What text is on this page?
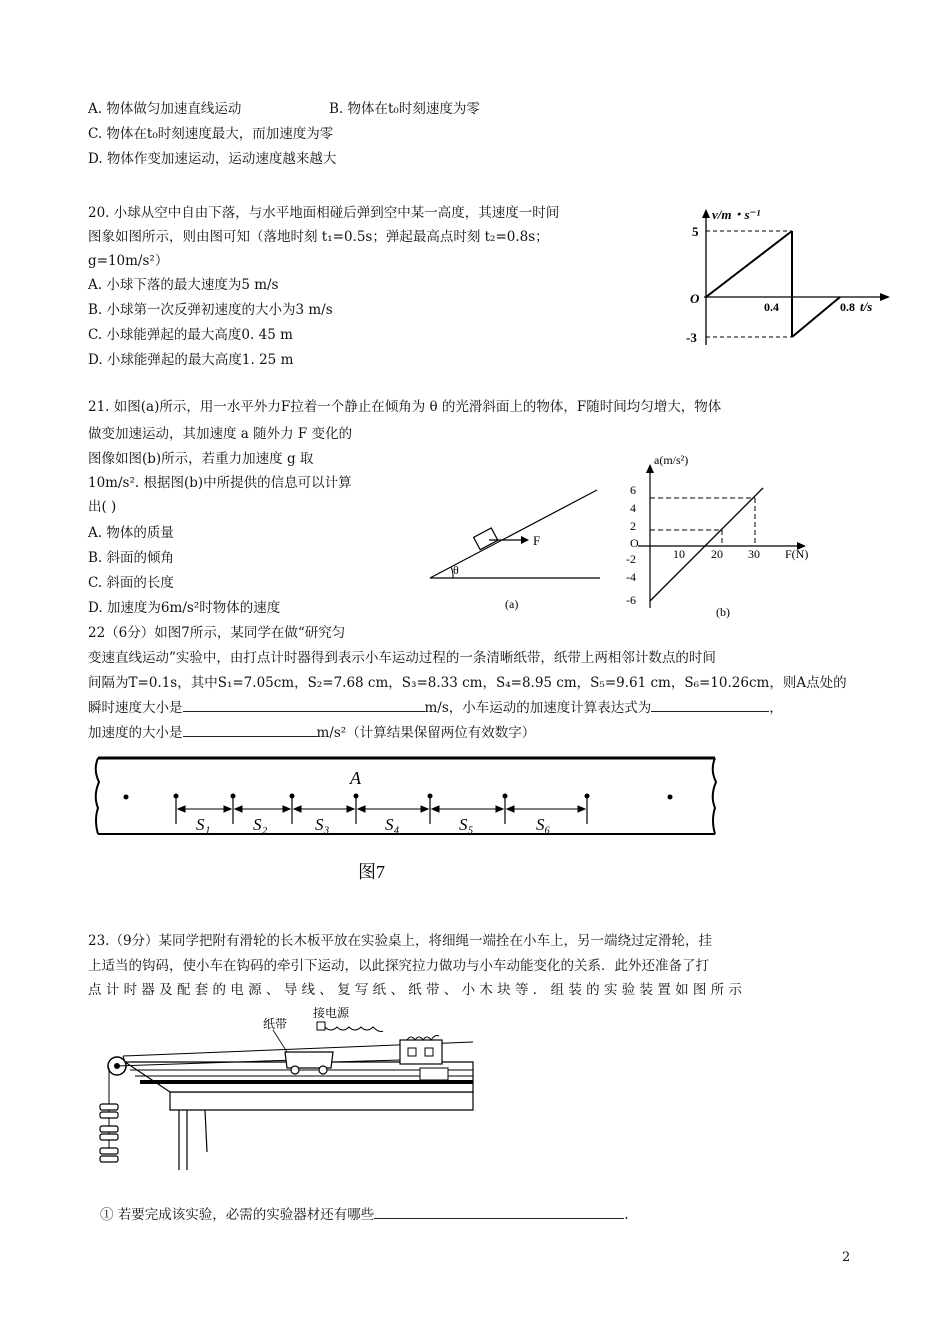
A. 物体做匀加速直线运动	B. 物体在t₀时刻速度为零
C. 物体在t₀时刻速度最大，而加速度为零
D. 物体作变加速运动，运动速度越来越大
20. 小球从空中自由下落，与水平地面相碰后弹到空中某一高度，其速度一时间
图象如图所示，则由图可知（落地时刻 t₁=0.5s；弹起最高点时刻 t₂=0.8s；
g=10m/s²）
A. 小球下落的最大速度为5 m/s
B. 小球第一次反弹初速度的大小为3 m/s
C. 小球能弹起的最大高度0. 45 m
D. 小球能弹起的最大高度1. 25 m
v/m・s⁻¹
5
-3
O
0.4	0.8 t/s
21. 如图(a)所示，用一水平外力F拉着一个静止在倾角为 θ 的光滑斜面上的物体，F随时间均匀增大，物体
做变加速运动，其加速度 a 随外力 F 变化的
图像如图(b)所示，若重力加速度 g 取
10m/s². 根据图(b)中所提供的信息可以计算
出( )
A. 物体的质量
B. 斜面的倾角
C. 斜面的长度
D. 加速度为6m/s²时物体的速度
F
θ
(a)
a(m/s²)
6
4
2
O
-2
-4
-6
10 20 30 F(N)
(b)
22（6分）如图7所示，某同学在做“研究匀
变速直线运动”实验中，由打点计时器得到表示小车运动过程的一条清晰纸带，纸带上两相邻计数点的时间
间隔为T=0.1s，其中S₁=7.05cm，S₂=7.68 cm，S₃=8.33 cm，S₄=8.95 cm，S₅=9.61 cm，S₆=10.26cm，则A点处的
瞬时速度大小是	m/s，小车运动的加速度计算表达式为	，
加速度的大小是	m/s²（计算结果保留两位有效数字）
A
S₁	S₂	S₃	S₄	S₅	S₆
图7
23.（9分）某同学把附有滑轮的长木板平放在实验桌上，将细绳一端拴在小车上，另一端绕过定滑轮，挂
上适当的钩码，使小车在钩码的牵引下运动，以此探究拉力做功与小车动能变化的关系．此外还准备了打
点 计 时 器 及 配 套 的 电 源 、 导 线 、 复 写 纸 、 纸 带 、 小 木 块 等 ． 组 装 的 实 验 装 置 如 图 所 示
接电源
纸带
① 若要完成该实验，必需的实验器材还有哪些	.
2
